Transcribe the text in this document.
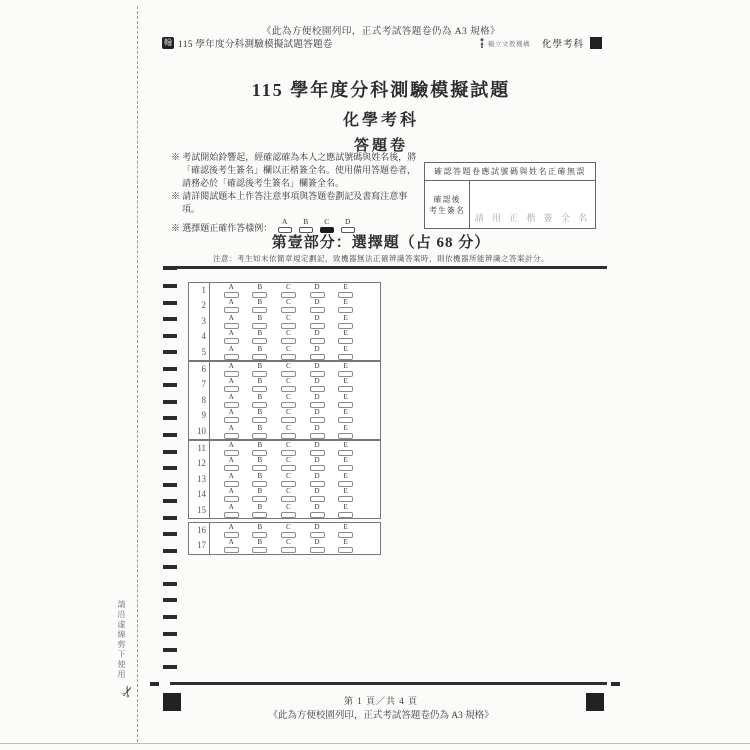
請沿虛線剪下使用
✂
《此為方便校園列印，正式考試答題卷仍為 A3 規格》
翰 115 學年度分科測驗模擬試題答題卷	鶴立文教機構 化學考科
115 學年度分科測驗模擬試題
化學考科
答題卷
※ 考試開始鈴響起，經確認確為本人之應試號碼與姓名後，將「確認後考生簽名」欄以正楷簽全名。使用備用答題卷者，請務必於「確認後考生簽名」欄簽全名。
※ 請詳閱試題本上作答注意事項與答題卷劃記及書寫注意事項。
※ 選擇題正確作答樣例：
A	B	C	D
確認答題卷應試號碼與姓名正確無誤
確認後
考生簽名
請 用 正 楷 簽 全 名
第壹部分：選擇題（占 68 分）
注意：考生如未依簡章規定劃記，致機器無法正確辨識答案時，則依機器所能辨識之答案計分。
1	A	B	C	D	E
2	A	B	C	D	E
3	A	B	C	D	E
4	A	B	C	D	E
5	A	B	C	D	E
6	A	B	C	D	E
7	A	B	C	D	E
8	A	B	C	D	E
9	A	B	C	D	E
10	A	B	C	D	E
11	A	B	C	D	E
12	A	B	C	D	E
13	A	B	C	D	E
14	A	B	C	D	E
15	A	B	C	D	E
16	A	B	C	D	E
17	A	B	C	D	E
第 1 頁／共 4 頁
《此為方便校園列印，正式考試答題卷仍為 A3 規格》
